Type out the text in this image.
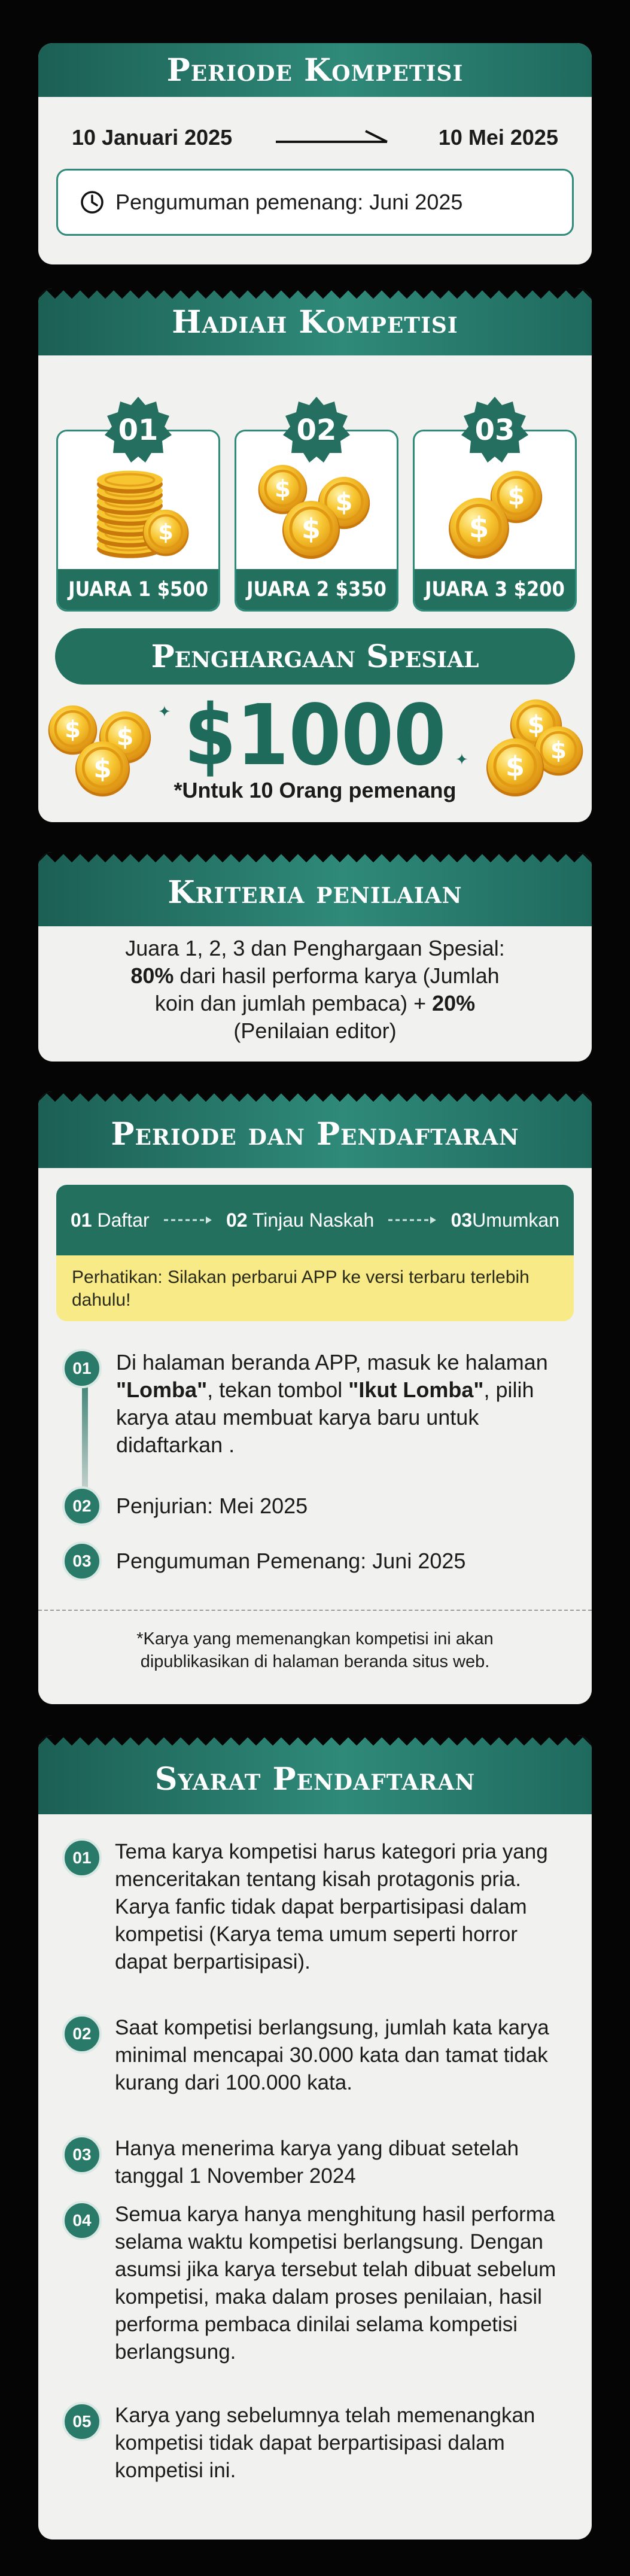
Periode Kompetisi
10 Januari 2025	10 Mei 2025
Pengumuman pemenang: Juni 2025
Hadiah Kompetisi
01
JUARA 1 $500
02
JUARA 2 $350
03
JUARA 3 $200
Penghargaan Spesial
✦ $1000 ✦
*Untuk 10 Orang pemenang
Kriteria penilaian
Juara 1, 2, 3 dan Penghargaan Spesial:
80% dari hasil performa karya (Jumlah
koin dan jumlah pembaca) + 20%
(Penilaian editor)
Periode dan Pendaftaran
01 Daftar	02 Tinjau Naskah	03Umumkan
Perhatikan: Silakan perbarui APP ke versi terbaru terlebih dahulu!
01	Di halaman beranda APP, masuk ke halaman "Lomba", tekan tombol "Ikut Lomba", pilih karya atau membuat karya baru untuk didaftarkan .
02	Penjurian: Mei 2025
03	Pengumuman Pemenang: Juni 2025
*Karya yang memenangkan kompetisi ini akan dipublikasikan di halaman beranda situs web.
Syarat Pendaftaran
01	Tema karya kompetisi harus kategori pria yang menceritakan tentang kisah protagonis pria. Karya fanfic tidak dapat berpartisipasi dalam kompetisi (Karya tema umum seperti horror dapat berpartisipasi).
02	Saat kompetisi berlangsung, jumlah kata karya minimal mencapai 30.000 kata dan tamat tidak kurang dari 100.000 kata.
03	Hanya menerima karya yang dibuat setelah tanggal 1 November 2024
04	Semua karya hanya menghitung hasil performa selama waktu kompetisi berlangsung. Dengan asumsi jika karya tersebut telah dibuat sebelum kompetisi, maka dalam proses penilaian, hasil performa pembaca dinilai selama kompetisi berlangsung.
05	Karya yang sebelumnya telah memenangkan kompetisi tidak dapat berpartisipasi dalam kompetisi ini.
